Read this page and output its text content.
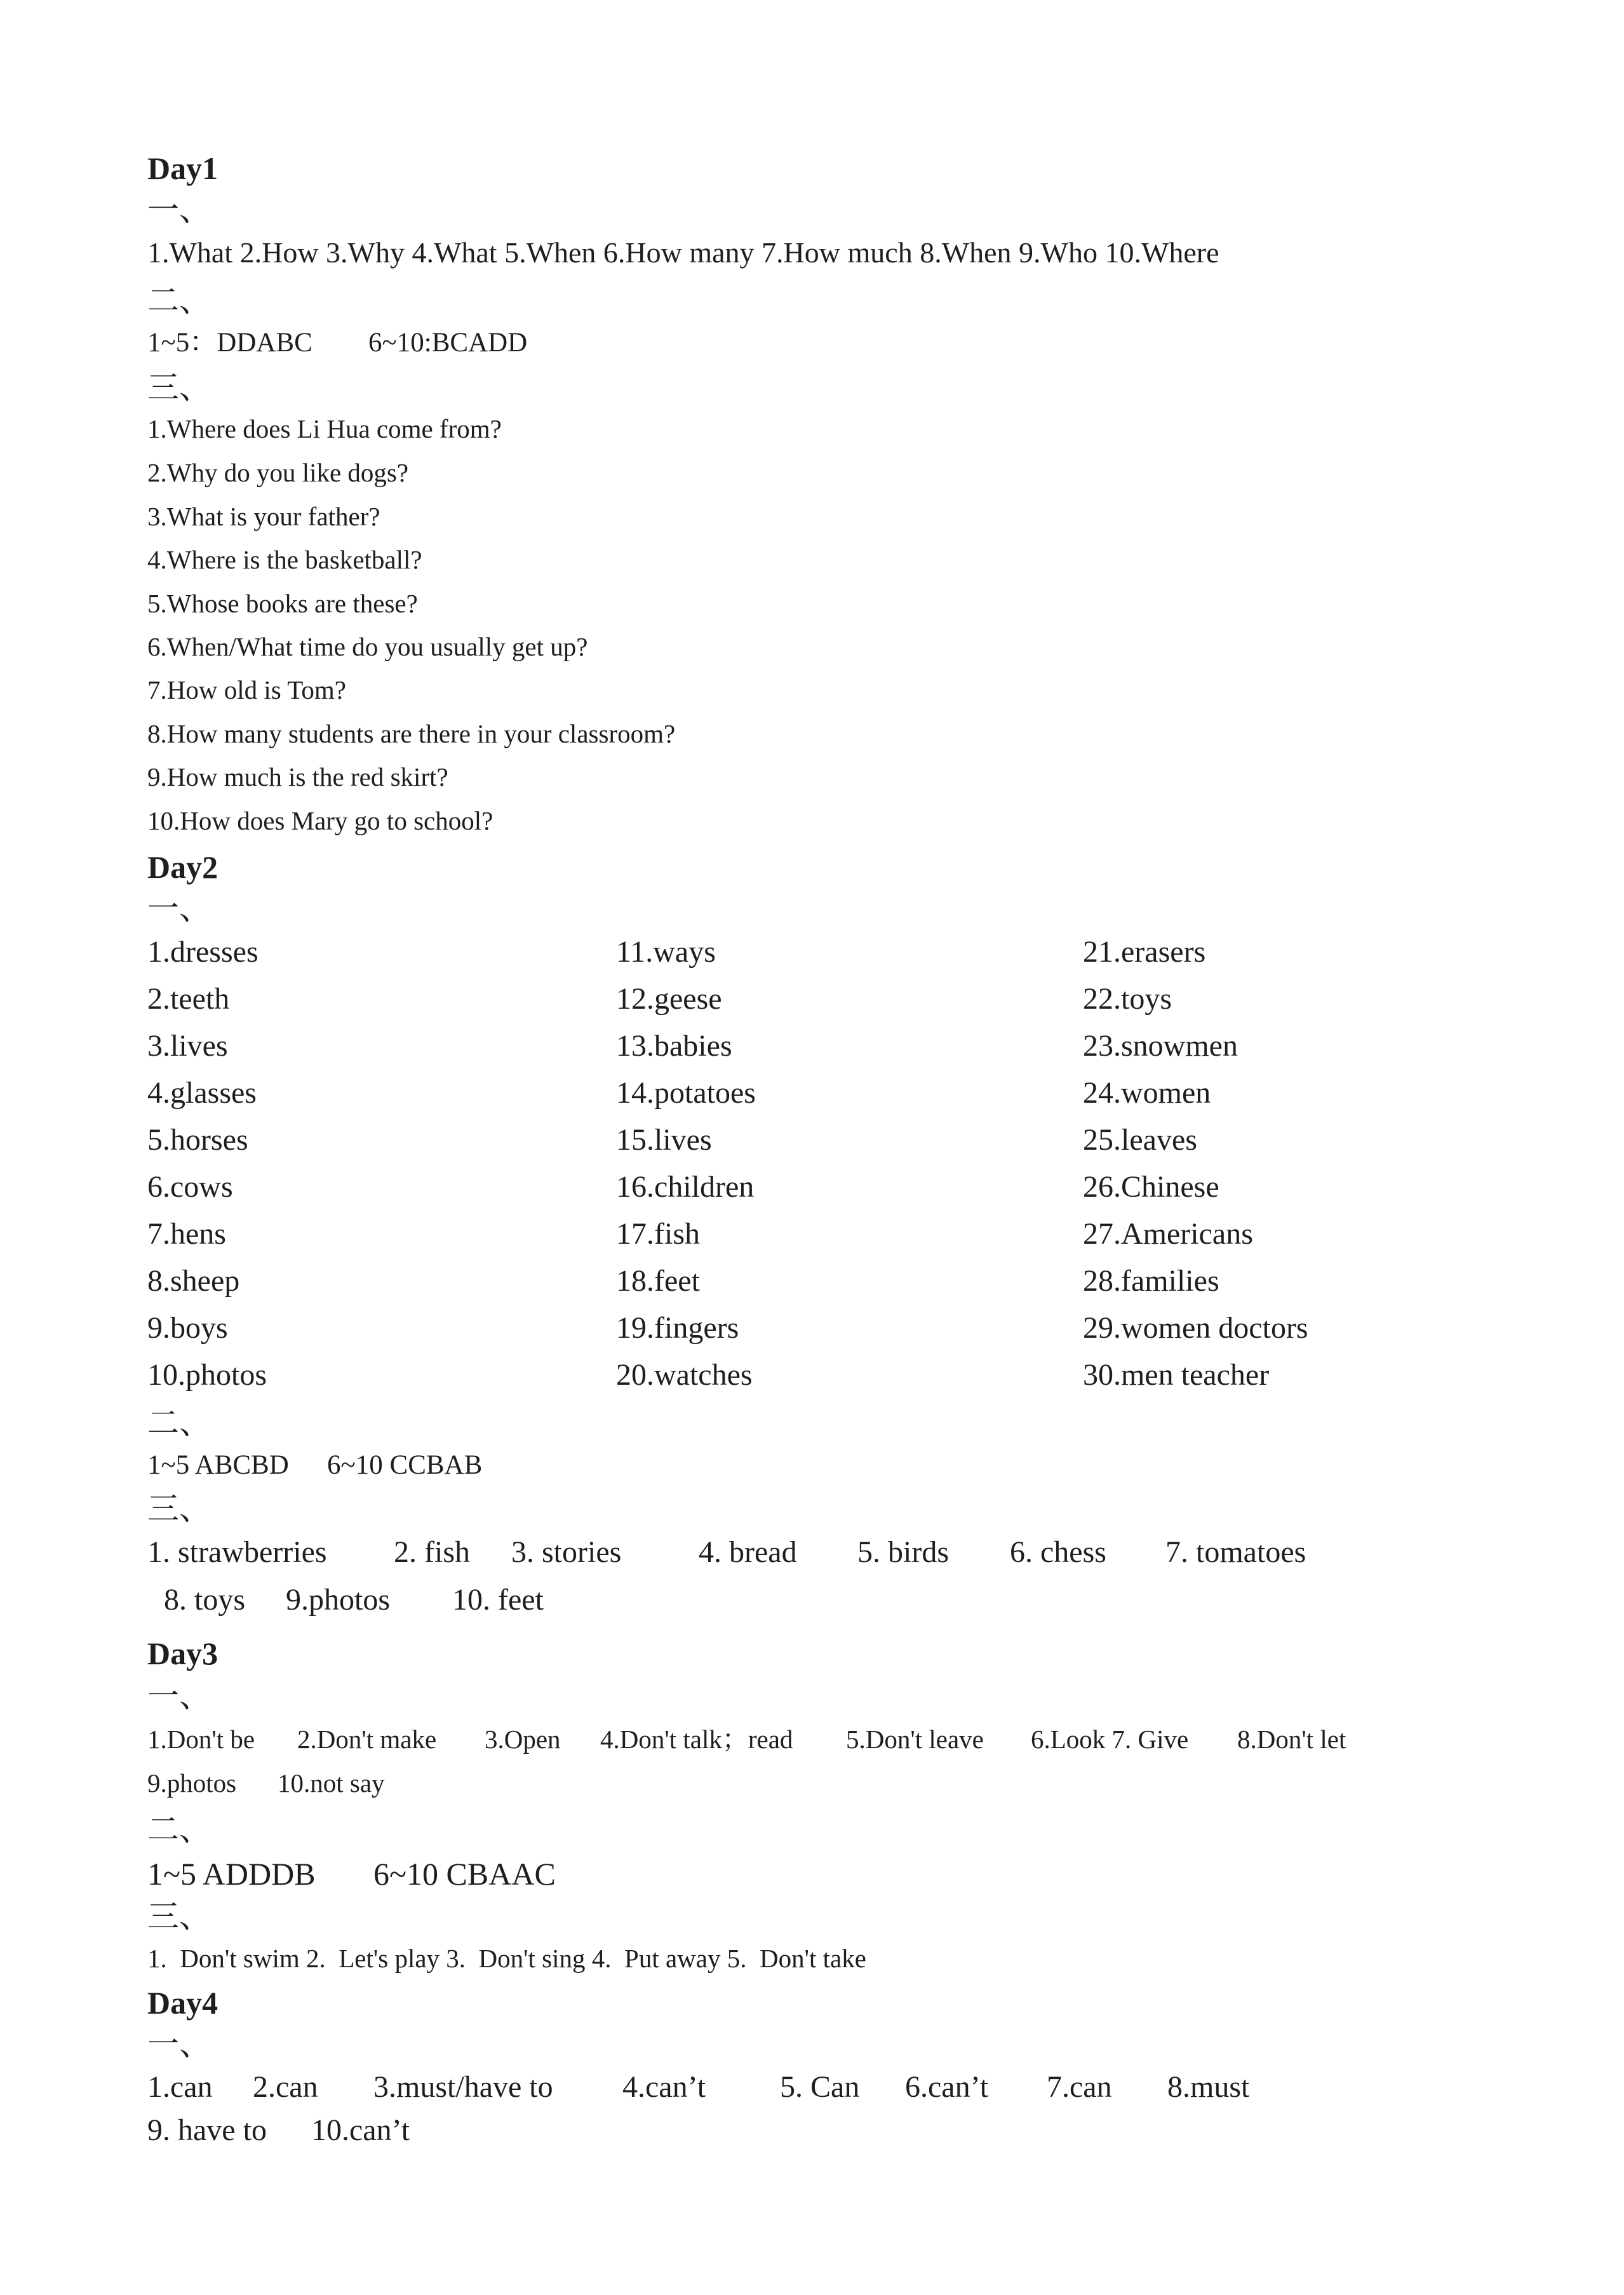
Day1
一、
1.What 2.How 3.Why 4.What 5.When 6.How many 7.How much 8.When 9.Who 10.Where
二、
1~5：DDABC 6~10:BCADD
三、
1.Where does Li Hua come from?
2.Why do you like dogs?
3.What is your father?
4.Where is the basketball?
5.Whose books are these?
6.When/What time do you usually get up?
7.How old is Tom?
8.How many students are there in your classroom?
9.How much is the red skirt?
10.How does Mary go to school?
Day2
一、
1.dresses
2.teeth
3.lives
4.glasses
5.horses
6.cows
7.hens
8.sheep
9.boys
10.photos
11.ways
12.geese
13.babies
14.potatoes
15.lives
16.children
17.fish
18.feet
19.fingers
20.watches
21.erasers
22.toys
23.snowmen
24.women
25.leaves
26.Chinese
27.Americans
28.families
29.women doctors
30.men teacher
二、
1~5 ABCBD 6~10 CCBAB
三、
1. strawberries 2. fish 3. stories	4. bread 5. birds 6. chess 7. tomatoes
8. toys 9.photos 10. feet
Day3
一、
1.Don't be 2.Don't make 3.Open 4.Don't talk；read 5.Don't leave 6.Look 7. Give 8.Don't let
9.photos 10.not say
二、
1~5 ADDDB 6~10 CBAAC
三、
1.  Don't swim 2.  Let's play 3.  Don't sing 4.  Put away 5.  Don't take
Day4
一、
1.can 2.can 3.must/have to 4.can’t 5. Can 6.can’t 7.can 8.must
9. have to 10.can’t
